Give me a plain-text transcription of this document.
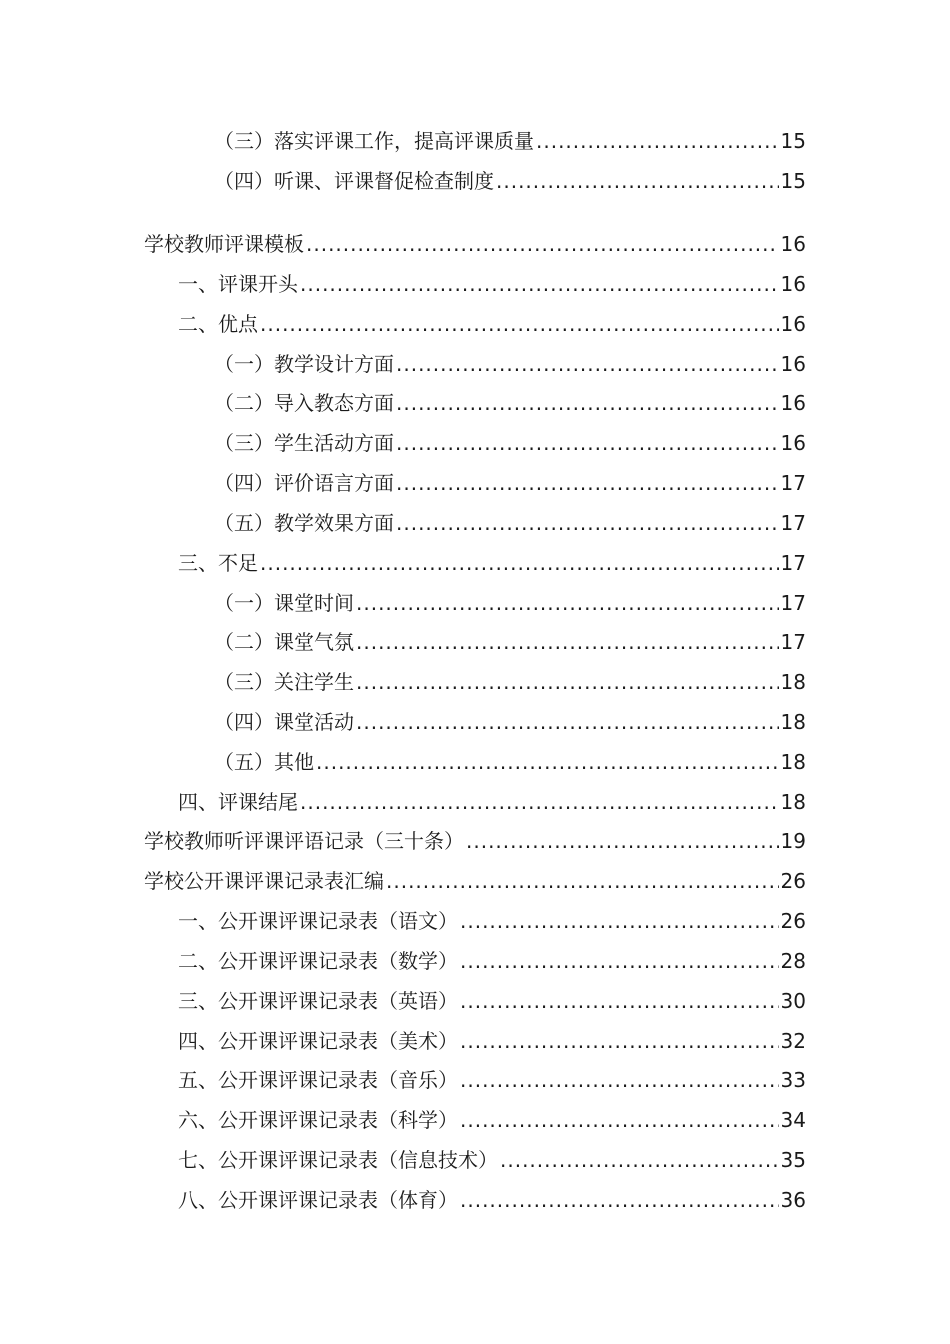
（三）落实评课工作，提高评课质量 .....	15
（四）听课、评课督促检查制度 .....	15
学校教师评课模板 .....	16
一、评课开头 .....	16
二、优点 .....	16
（一）教学设计方面 .....	16
（二）导入教态方面 .....	16
（三）学生活动方面 .....	16
（四）评价语言方面 .....	17
（五）教学效果方面 .....	17
三、不足 .....	17
（一）课堂时间 .....	17
（二）课堂气氛 .....	17
（三）关注学生 .....	18
（四）课堂活动 .....	18
（五）其他 .....	18
四、评课结尾 .....	18
学校教师听评课评语记录（三十条） .....	19
学校公开课评课记录表汇编 .....	26
一、公开课评课记录表（语文） .....	26
二、公开课评课记录表（数学） .....	28
三、公开课评课记录表（英语） .....	30
四、公开课评课记录表（美术） .....	32
五、公开课评课记录表（音乐） .....	33
六、公开课评课记录表（科学） .....	34
七、公开课评课记录表（信息技术） .....	35
八、公开课评课记录表（体育） .....	36
